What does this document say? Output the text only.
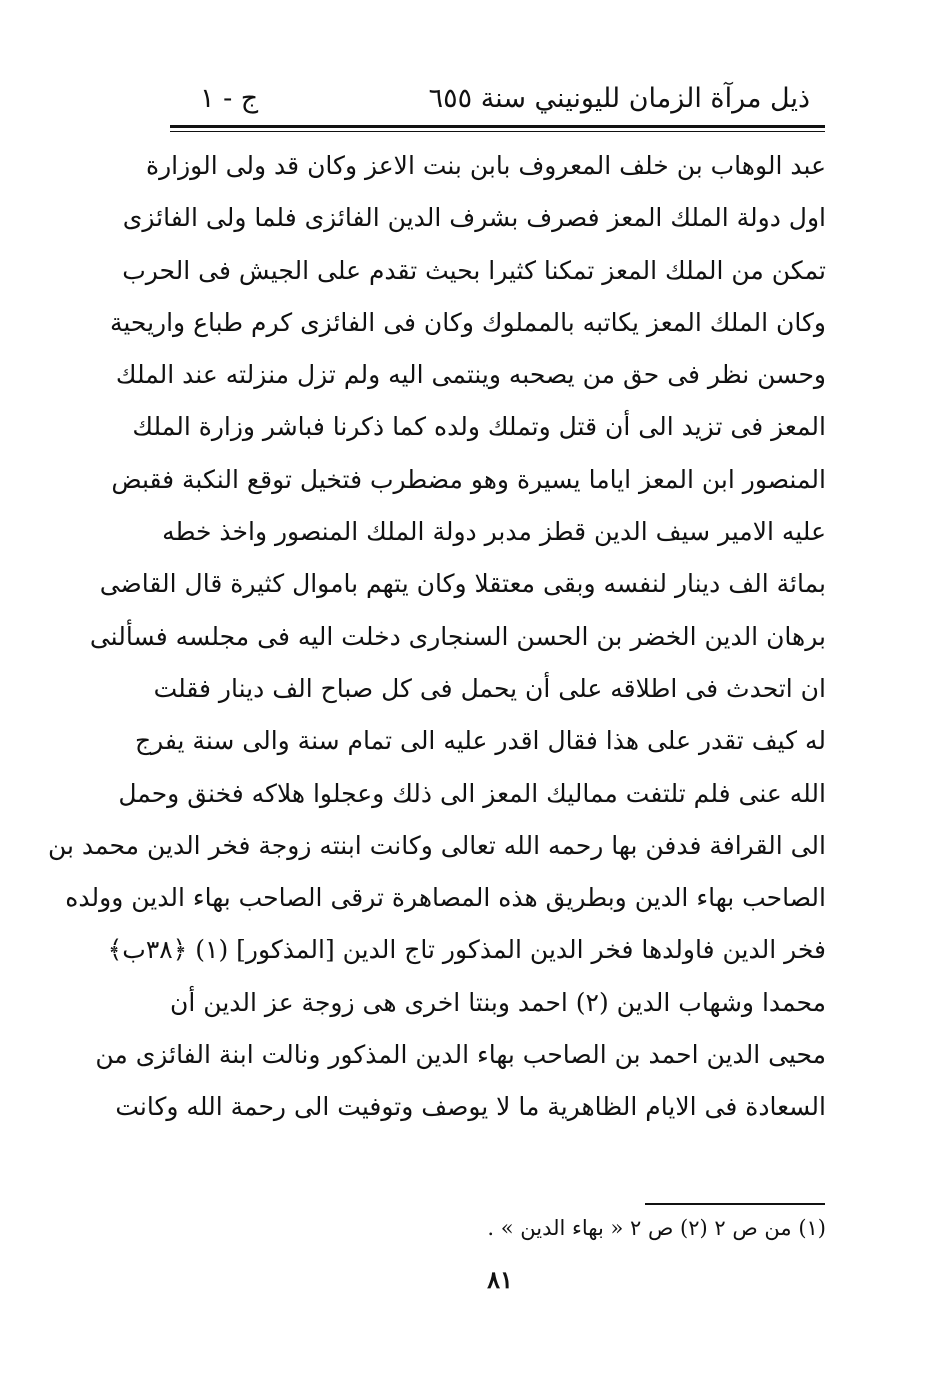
ذيل مرآة الزمان لليونيني سنة ٦٥٥
ج - ١
عبد الوهاب بن خلف المعروف بابن بنت الاعز وكان قد ولى الوزارة
اول دولة الملك المعز فصرف بشرف الدين الفائزى فلما ولى الفائزى
تمكن من الملك المعز تمكنا كثيرا بحيث تقدم على الجيش فى الحرب
وكان الملك المعز يكاتبه بالمملوك وكان فى الفائزى كرم طباع واريحية
وحسن نظر فى حق من يصحبه وينتمى اليه ولم تزل منزلته عند الملك
المعز فى تزيد الى أن قتل وتملك ولده كما ذكرنا فباشر وزارة الملك
المنصور ابن المعز اياما يسيرة وهو مضطرب فتخيل توقع النكبة فقبض
عليه الامير سيف الدين قطز مدبر دولة الملك المنصور واخذ خطه
بمائة الف دينار لنفسه وبقى معتقلا وكان يتهم باموال كثيرة قال القاضى
برهان الدين الخضر بن الحسن السنجارى دخلت اليه فى مجلسه فسألنى
ان اتحدث فى اطلاقه على أن يحمل فى كل صباح الف دينار فقلت
له كيف تقدر على هذا فقال اقدر عليه الى تمام سنة والى سنة يفرج
الله عنى فلم تلتفت مماليك المعز الى ذلك وعجلوا هلاكه فخنق وحمل
الى القرافة فدفن بها رحمه الله تعالى وكانت ابنته زوجة فخر الدين محمد بن
الصاحب بهاء الدين وبطريق هذه المصاهرة ترقى الصاحب بهاء الدين وولده
فخر الدين فاولدها فخر الدين المذكور تاج الدين [المذكور] (١) ﴿٣٨ب﴾
محمدا وشهاب الدين (٢) احمد وبنتا اخرى هى زوجة عز الدين أن
محيى الدين احمد بن الصاحب بهاء الدين المذكور ونالت ابنة الفائزى من
السعادة فى الايام الظاهرية ما لا يوصف وتوفيت الى رحمة الله وكانت
(١) من ص ٢ (٢) ص ٢ « بهاء الدين » .
٨١
